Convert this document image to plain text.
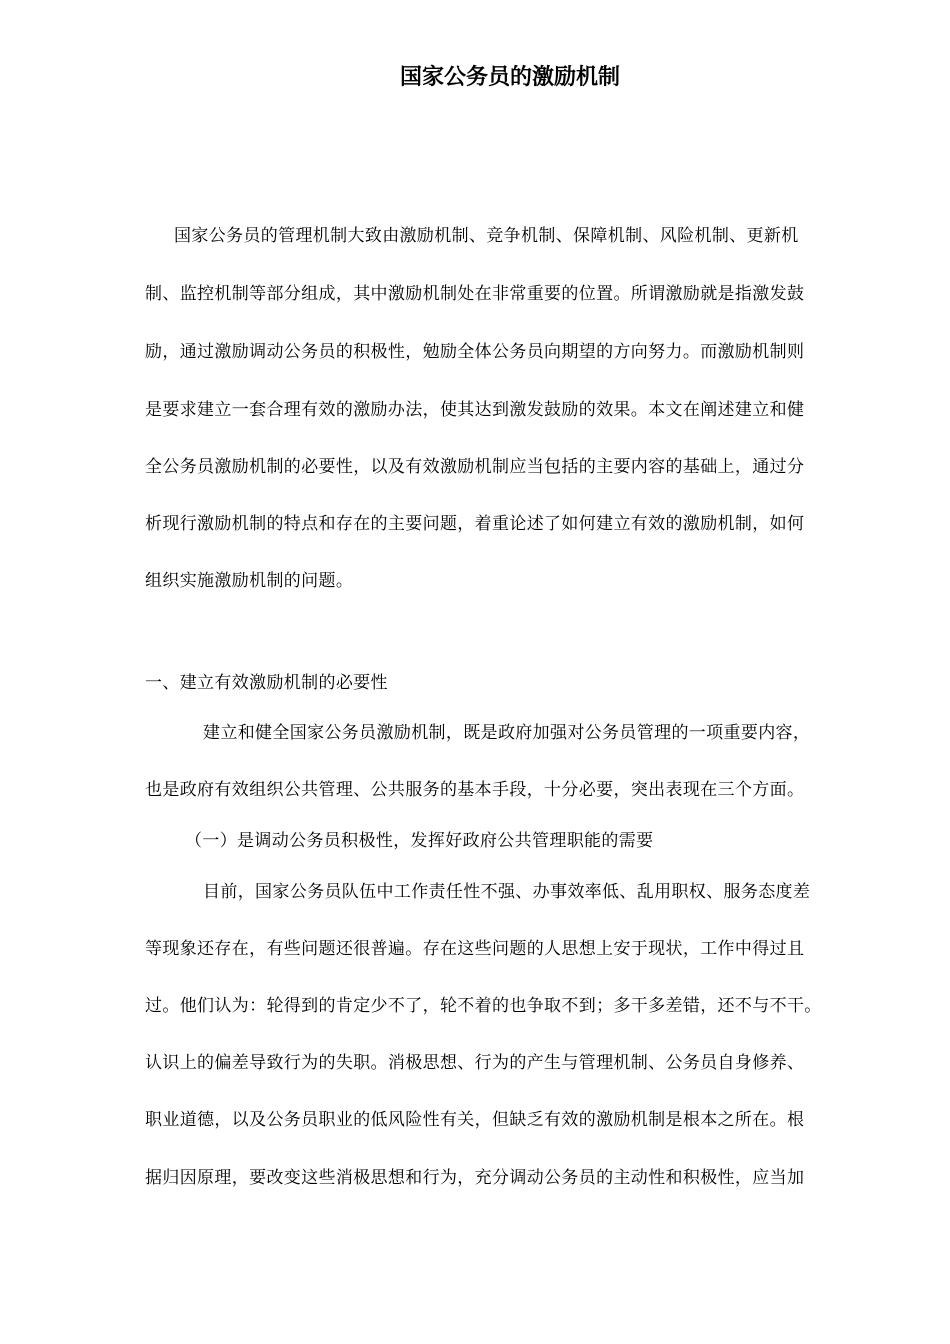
国家公务员的激励机制
国家公务员的管理机制大致由激励机制、竞争机制、保障机制、风险机制、更新机
制、监控机制等部分组成，其中激励机制处在非常重要的位置。所谓激励就是指激发鼓
励，通过激励调动公务员的积极性，勉励全体公务员向期望的方向努力。而激励机制则
是要求建立一套合理有效的激励办法，使其达到激发鼓励的效果。本文在阐述建立和健
全公务员激励机制的必要性，以及有效激励机制应当包括的主要内容的基础上，通过分
析现行激励机制的特点和存在的主要问题，着重论述了如何建立有效的激励机制，如何
组织实施激励机制的问题。
一、建立有效激励机制的必要性
建立和健全国家公务员激励机制，既是政府加强对公务员管理的一项重要内容，
也是政府有效组织公共管理、公共服务的基本手段，十分必要，突出表现在三个方面。
（一）是调动公务员积极性，发挥好政府公共管理职能的需要
目前，国家公务员队伍中工作责任性不强、办事效率低、乱用职权、服务态度差
等现象还存在，有些问题还很普遍。存在这些问题的人思想上安于现状，工作中得过且
过。他们认为：轮得到的肯定少不了，轮不着的也争取不到；多干多差错，还不与不干。
认识上的偏差导致行为的失职。消极思想、行为的产生与管理机制、公务员自身修养、
职业道德，以及公务员职业的低风险性有关，但缺乏有效的激励机制是根本之所在。根
据归因原理，要改变这些消极思想和行为，充分调动公务员的主动性和积极性，应当加
